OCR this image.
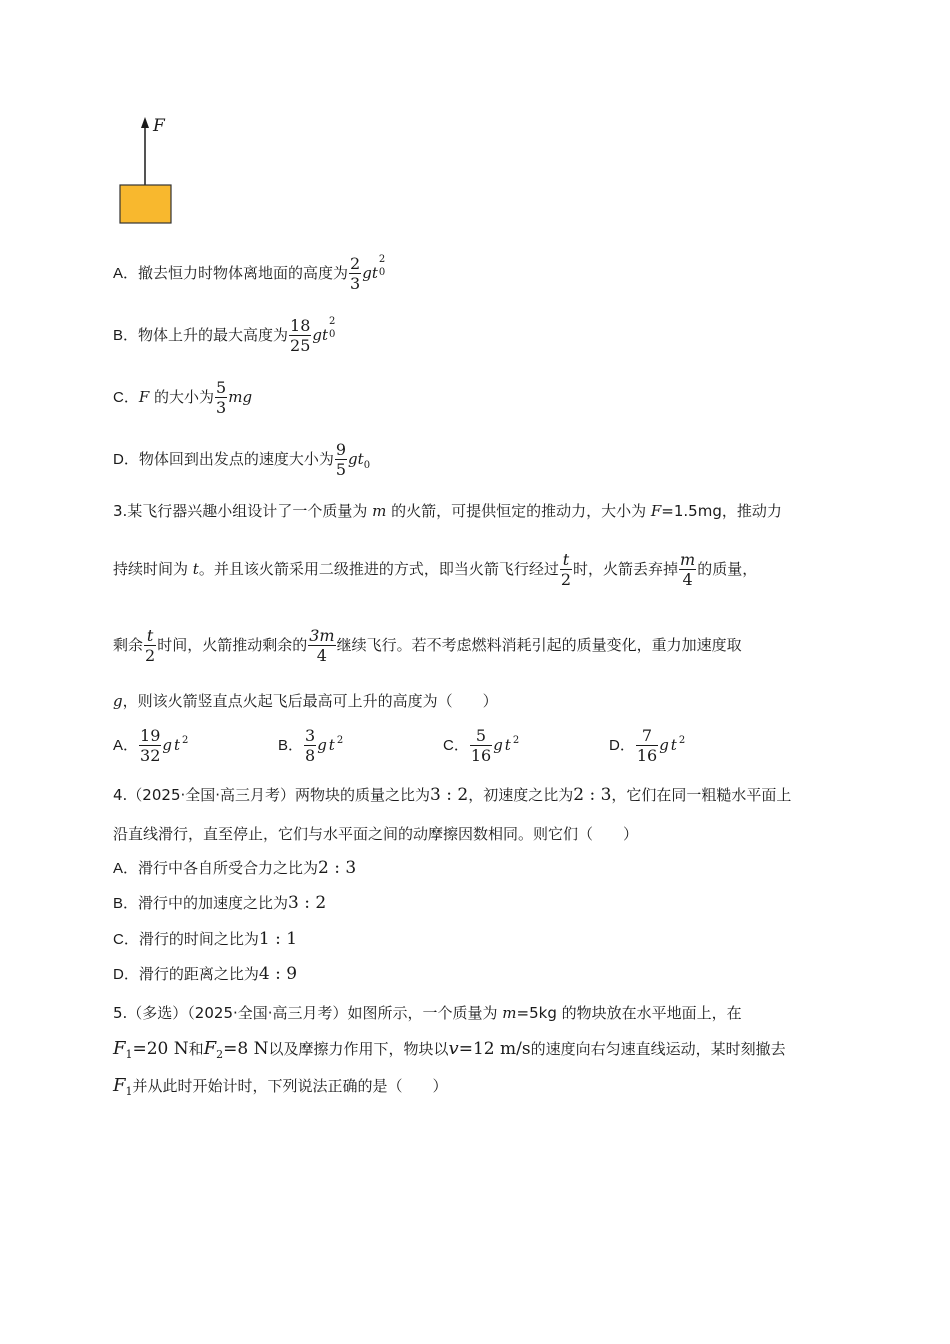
F
A．撤去恒力时物体离地面的高度为 $\frac{2}{3}$ gt
2
0
B．物体上升的最大高度为 $\frac{18}{25}$ gt
2
0
C．F 的大小为 $\frac{5}{3}$ mg
D．物体回到出发点的速度大小为 $\frac{9}{5} gt_0$
3.某飞行器兴趣小组设计了一个质量为 m 的火箭，可提供恒定的推动力，大小为 F=1.5mg，推动力
持续时间为 t。并且该火箭采用二级推进的方式，即当火箭飞行经过 $\frac{t}{2}$ 时，火箭丢弃掉 $\frac{m}{4}$ 的质量，
剩余 $\frac{t}{2}$ 时间，火箭推动剩余的 $\frac{3m}{4}$ 继续飞行。若不考虑燃料消耗引起的质量变化，重力加速度取
g，则该火箭竖直点火起飞后最高可上升的高度为（　　）
A． $\frac{19}{32} gt^2$	B． $\frac{3}{8} gt^2$	C． $\frac{5}{16} gt^2$	D． $\frac{7}{16} gt^2$
4.（2025·全国·高三月考）两物块的质量之比为3 : 2，初速度之比为2 : 3，它们在同一粗糙水平面上
沿直线滑行，直至停止，它们与水平面之间的动摩擦因数相同。则它们（　　）
A．滑行中各自所受合力之比为2 : 3
B．滑行中的加速度之比为3 : 2
C．滑行的时间之比为1 : 1
D．滑行的距离之比为4 : 9
5.（多选）（2025·全国·高三月考）如图所示，一个质量为 m=5kg 的物块放在水平地面上，在
$F_1=20$ N和$F_2=8$ N以及摩擦力作用下，物块以v=12 m/s的速度向右匀速直线运动，某时刻撤去
$F_1$并从此时开始计时，下列说法正确的是（　　）
